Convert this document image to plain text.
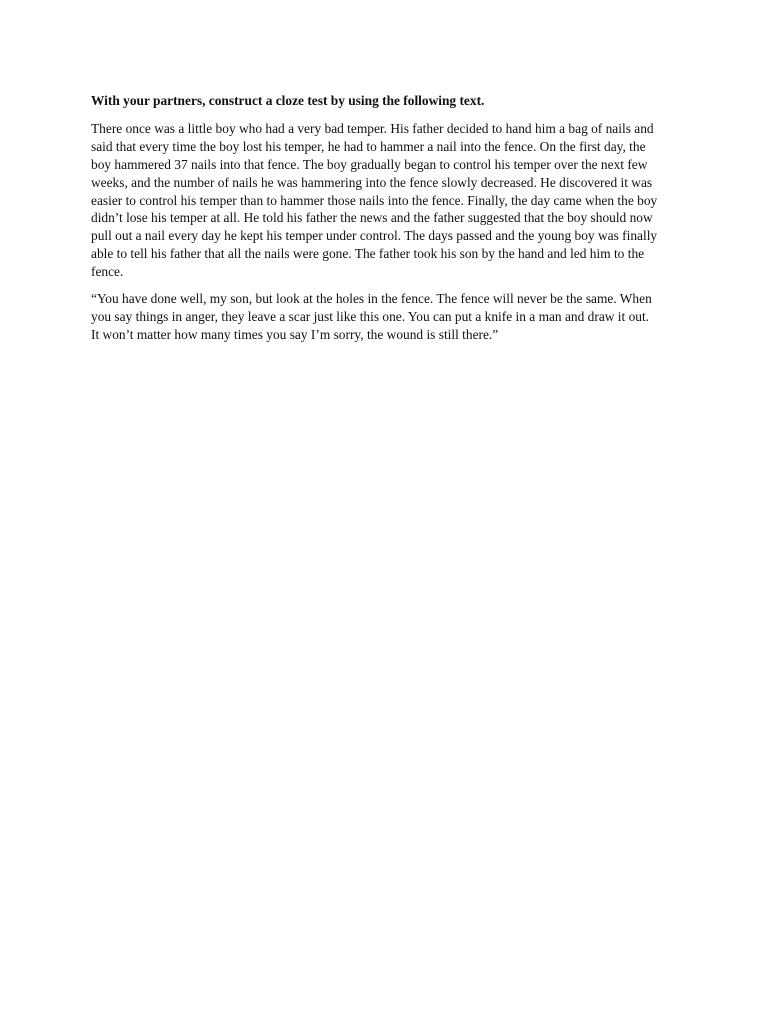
With your partners, construct a cloze test by using the following text.

There once was a little boy who had a very bad temper. His father decided to hand him a bag of nails and
said that every time the boy lost his temper, he had to hammer a nail into the fence. On the first day, the
boy hammered 37 nails into that fence. The boy gradually began to control his temper over the next few
weeks, and the number of nails he was hammering into the fence slowly decreased. He discovered it was
easier to control his temper than to hammer those nails into the fence. Finally, the day came when the boy
didn’t lose his temper at all. He told his father the news and the father suggested that the boy should now
pull out a nail every day he kept his temper under control. The days passed and the young boy was finally
able to tell his father that all the nails were gone. The father took his son by the hand and led him to the
fence.

“You have done well, my son, but look at the holes in the fence. The fence will never be the same. When
you say things in anger, they leave a scar just like this one. You can put a knife in a man and draw it out.
It won’t matter how many times you say I’m sorry, the wound is still there.”
